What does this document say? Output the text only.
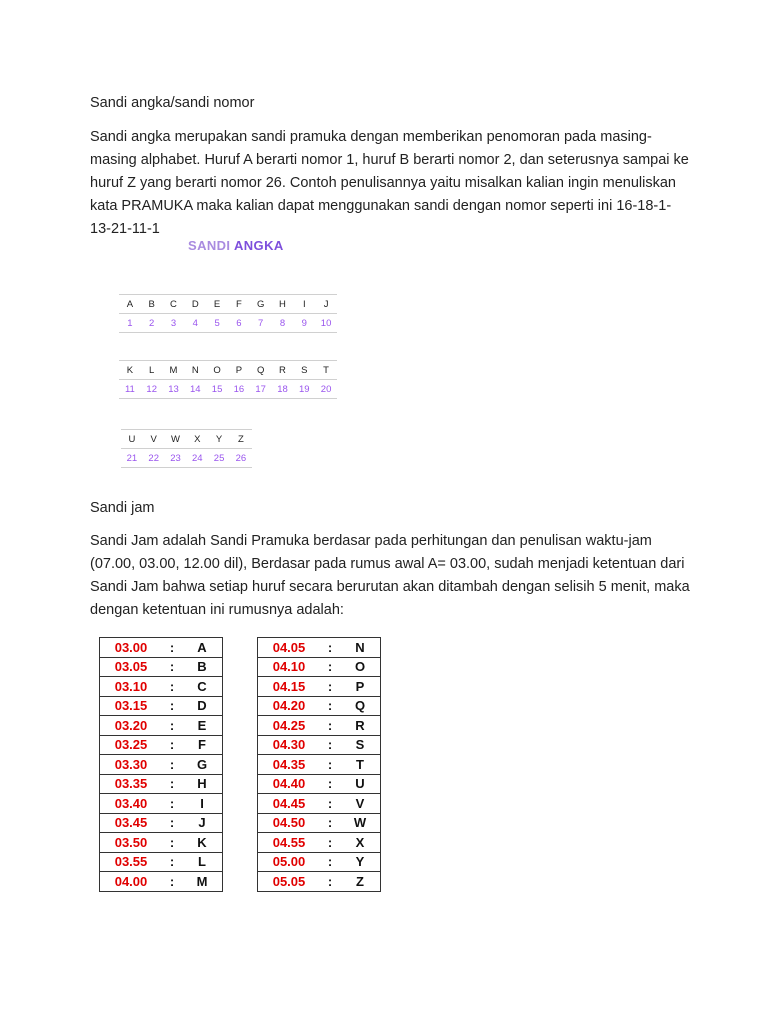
Sandi angka/sandi nomor

Sandi angka merupakan sandi pramuka dengan memberikan penomoran pada masing-masing alphabet. Huruf A berarti nomor 1, huruf B berarti nomor 2, dan seterusnya sampai ke huruf Z yang berarti nomor 26. Contoh penulisannya yaitu misalkan kalian ingin menuliskan kata PRAMUKA maka kalian dapat menggunakan sandi dengan nomor seperti ini 16-18-1-13-21-11-1

SANDI ANGKA
A	B	C	D	E	F	G	H	I	J
1	2	3	4	5	6	7	8	9	10
K	L	M	N	O	P	Q	R	S	T
11	12	13	14	15	16	17	18	19	20
U	V	W	X	Y	Z
21	22	23	24	25	26

Sandi jam

Sandi Jam adalah Sandi Pramuka berdasar pada perhitungan dan penulisan waktu-jam (07.00, 03.00, 12.00 dil), Berdasar pada rumus awal A= 03.00, sudah menjadi ketentuan dari Sandi Jam bahwa setiap huruf secara berurutan akan ditambah dengan selisih 5 menit, maka dengan ketentuan ini rumusnya adalah:

03.00	:	A
03.05	:	B
03.10	:	C
03.15	:	D
03.20	:	E
03.25	:	F
03.30	:	G
03.35	:	H
03.40	:	I
03.45	:	J
03.50	:	K
03.55	:	L
04.00	:	M
04.05	:	N
04.10	:	O
04.15	:	P
04.20	:	Q
04.25	:	R
04.30	:	S
04.35	:	T
04.40	:	U
04.45	:	V
04.50	:	W
04.55	:	X
05.00	:	Y
05.05	:	Z
